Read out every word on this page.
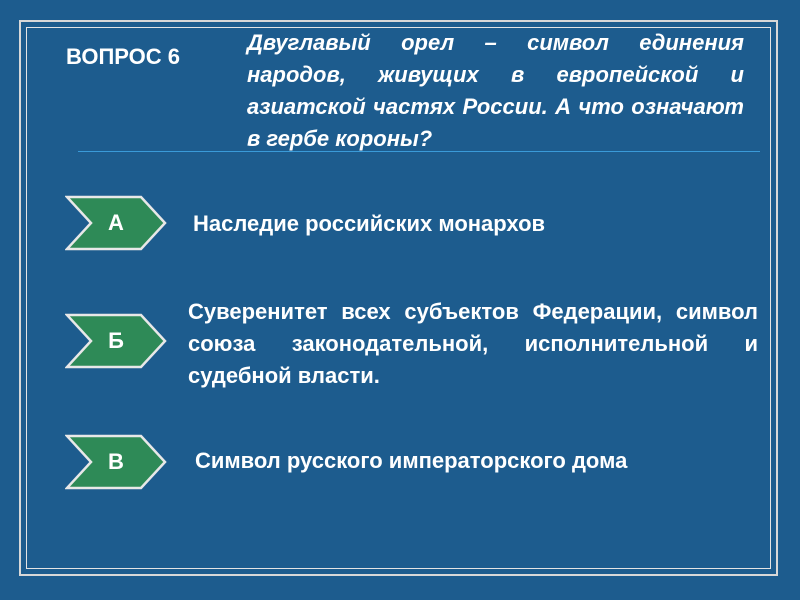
ВОПРОС 6
Двуглавый орел – символ единения народов, живущих в европейской и азиатской частях России. А что означают в гербе короны?
А	Наследие российских монархов
Б
Суверенитет всех субъектов Федерации, символ союза законодательной, исполнительной и судебной власти.
В	Символ русского императорского дома
